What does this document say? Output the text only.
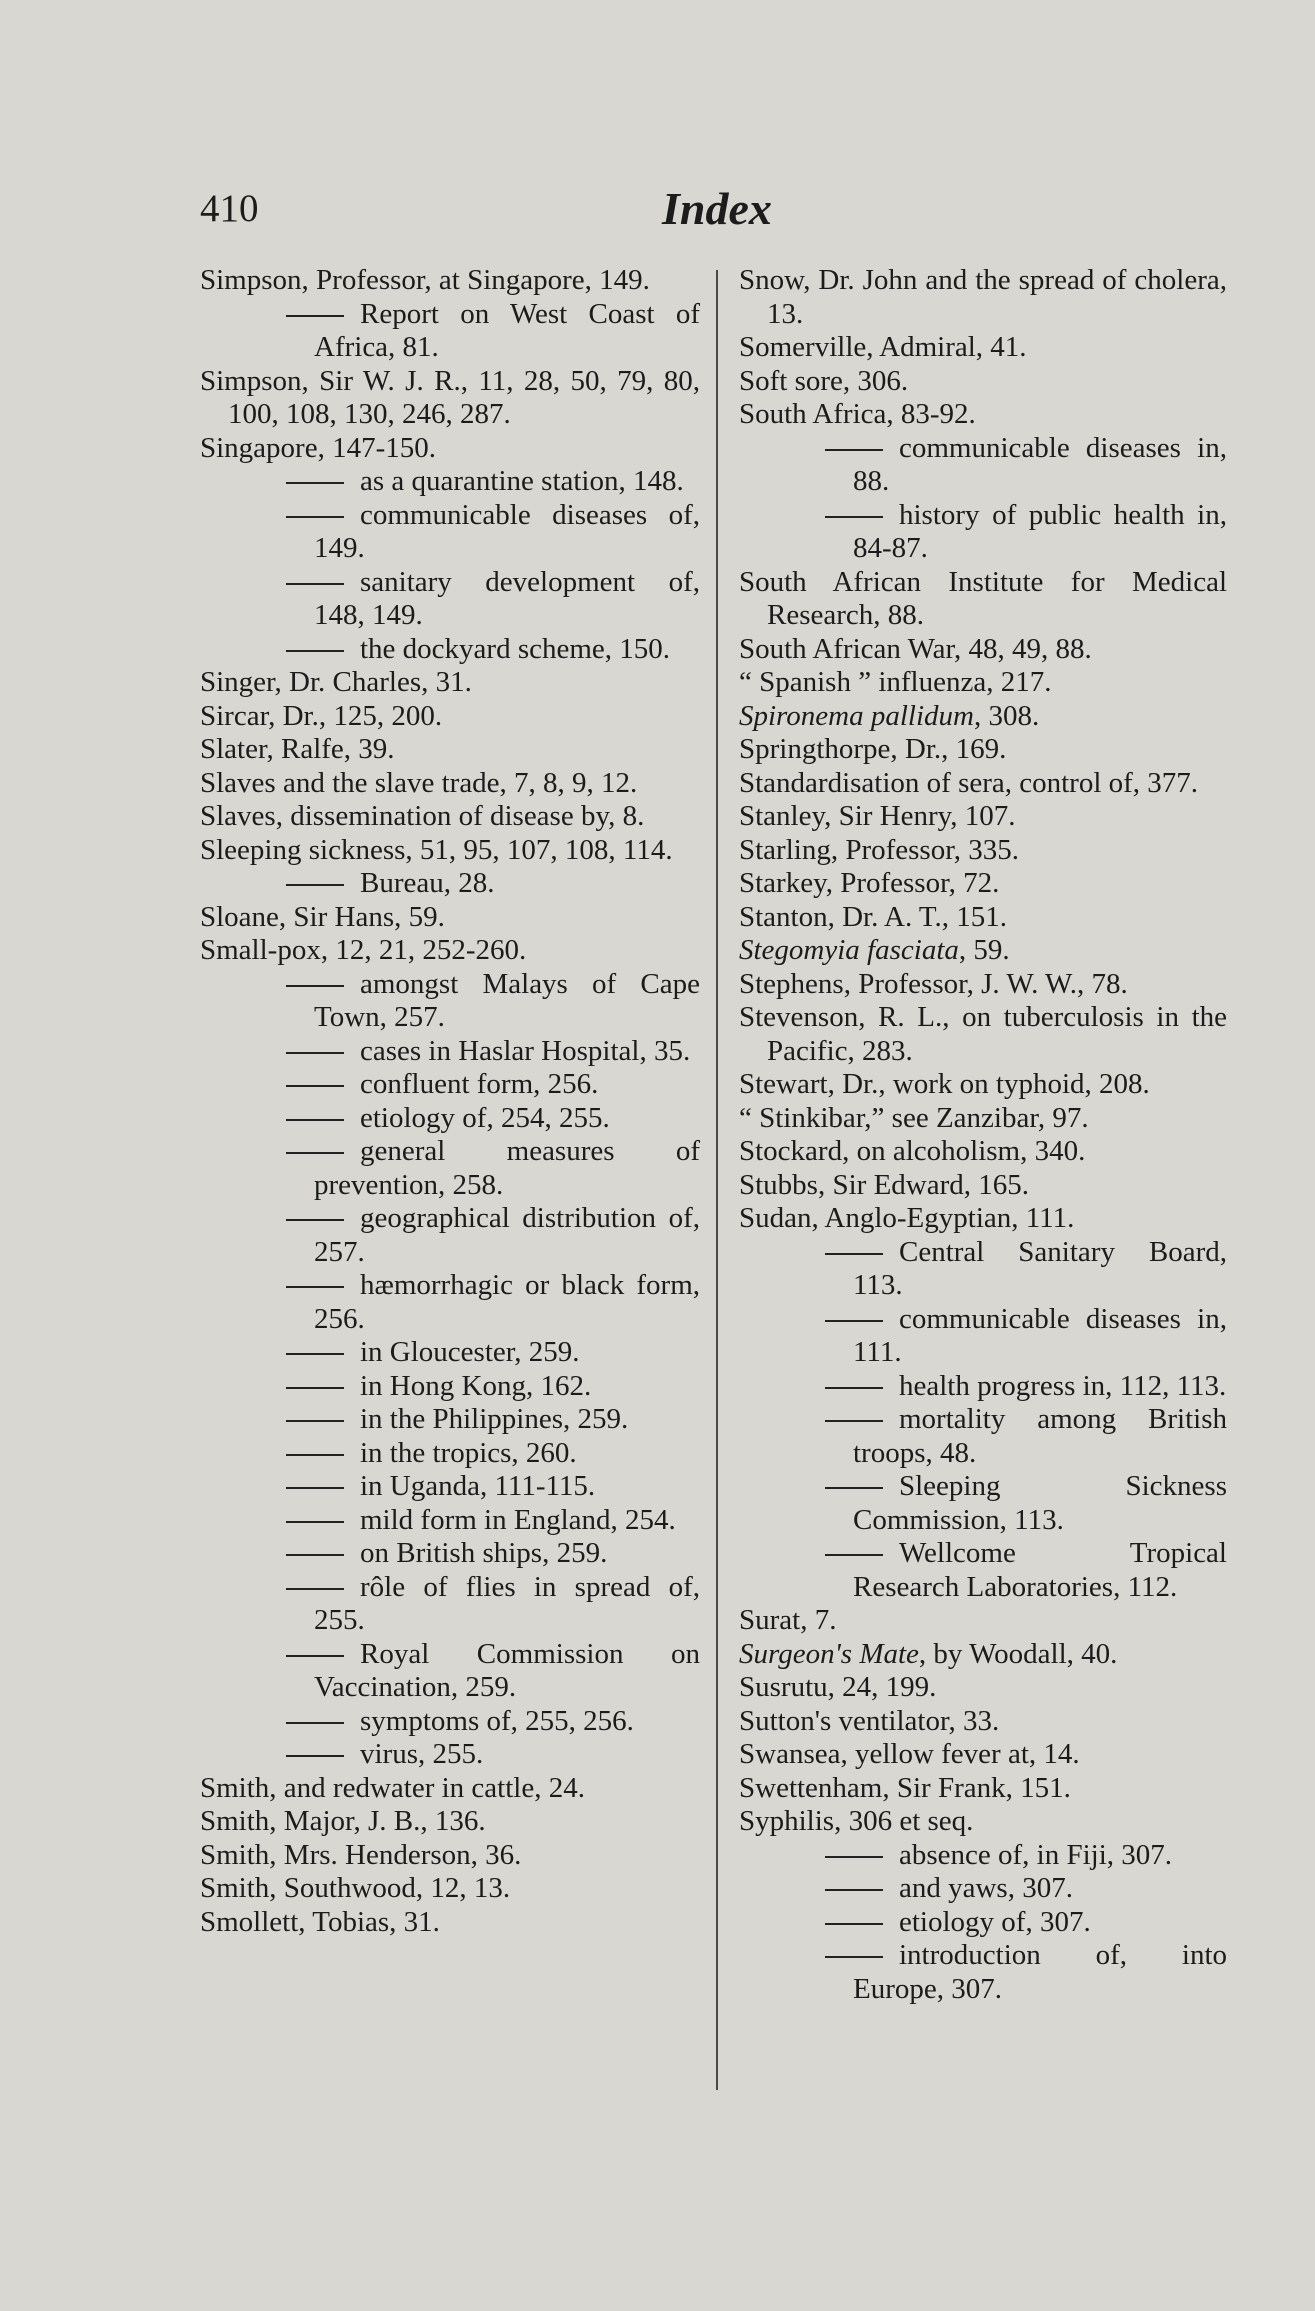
410	Index
Simpson, Professor, at Singapore, 149.
Report on West Coast of Africa, 81.
Simpson, Sir W. J. R., 11, 28, 50, 79, 80, 100, 108, 130, 246, 287.
Singapore, 147-150.
as a quarantine station, 148.
communicable diseases of, 149.
sanitary development of, 148, 149.
the dockyard scheme, 150.
Singer, Dr. Charles, 31.
Sircar, Dr., 125, 200.
Slater, Ralfe, 39.
Slaves and the slave trade, 7, 8, 9, 12.
Slaves, dissemination of disease by, 8.
Sleeping sickness, 51, 95, 107, 108, 114.
Bureau, 28.
Sloane, Sir Hans, 59.
Small-pox, 12, 21, 252-260.
amongst Malays of Cape Town, 257.
cases in Haslar Hospital, 35.
confluent form, 256.
etiology of, 254, 255.
general measures of prevention, 258.
geographical distribution of, 257.
hæmorrhagic or black form, 256.
in Gloucester, 259.
in Hong Kong, 162.
in the Philippines, 259.
in the tropics, 260.
in Uganda, 111-115.
mild form in England, 254.
on British ships, 259.
rôle of flies in spread of, 255.
Royal Commission on Vaccination, 259.
symptoms of, 255, 256.
virus, 255.
Smith, and redwater in cattle, 24.
Smith, Major, J. B., 136.
Smith, Mrs. Henderson, 36.
Smith, Southwood, 12, 13.
Smollett, Tobias, 31.
Snow, Dr. John and the spread of cholera, 13.
Somerville, Admiral, 41.
Soft sore, 306.
South Africa, 83-92.
communicable diseases in, 88.
history of public health in, 84-87.
South African Institute for Medical Research, 88.
South African War, 48, 49, 88.
“ Spanish ” influenza, 217.
Spironema pallidum, 308.
Springthorpe, Dr., 169.
Standardisation of sera, control of, 377.
Stanley, Sir Henry, 107.
Starling, Professor, 335.
Starkey, Professor, 72.
Stanton, Dr. A. T., 151.
Stegomyia fasciata, 59.
Stephens, Professor, J. W. W., 78.
Stevenson, R. L., on tuberculosis in the Pacific, 283.
Stewart, Dr., work on typhoid, 208.
“ Stinkibar,” see Zanzibar, 97.
Stockard, on alcoholism, 340.
Stubbs, Sir Edward, 165.
Sudan, Anglo-Egyptian, 111.
Central Sanitary Board, 113.
communicable diseases in, 111.
health progress in, 112, 113.
mortality among British troops, 48.
Sleeping Sickness Commission, 113.
Wellcome Tropical Research Laboratories, 112.
Surat, 7.
Surgeon's Mate, by Woodall, 40.
Susrutu, 24, 199.
Sutton's ventilator, 33.
Swansea, yellow fever at, 14.
Swettenham, Sir Frank, 151.
Syphilis, 306 et seq.
absence of, in Fiji, 307.
and yaws, 307.
etiology of, 307.
introduction of, into Europe, 307.
